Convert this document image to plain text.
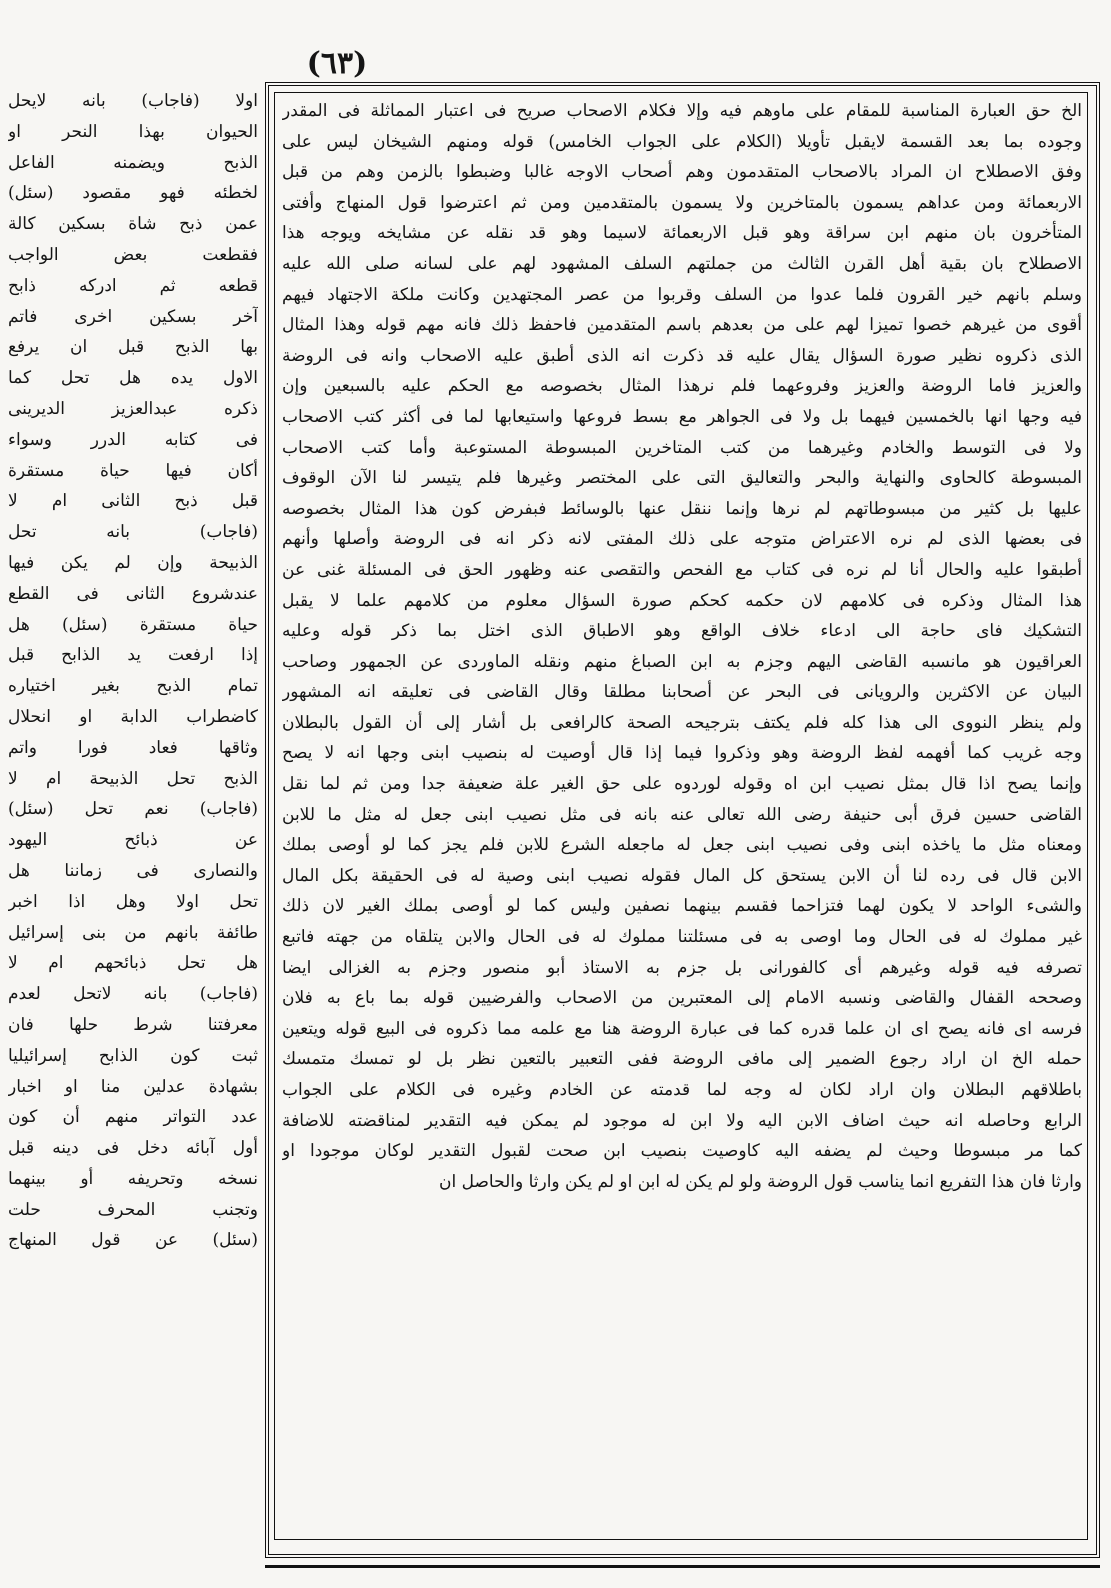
(٦٣)
الخ حق العبارة المناسبة للمقام على ماوهم فيه وإلا فكلام الاصحاب صريح فى اعتبار المماثلة فى المقدر
وجوده بما بعد القسمة لايقبل تأويلا (الكلام على الجواب الخامس) قوله ومنهم الشيخان ليس على
وفق الاصطلاح ان المراد بالاصحاب المتقدمون وهم أصحاب الاوجه غالبا وضبطوا بالزمن وهم من قبل
الاربعمائة ومن عداهم يسمون بالمتاخرين ولا يسمون بالمتقدمين ومن ثم اعترضوا قول المنهاج وأفتى
المتأخرون بان منهم ابن سراقة وهو قبل الاربعمائة لاسيما وهو قد نقله عن مشايخه ويوجه هذا
الاصطلاح بان بقية أهل القرن الثالث من جملتهم السلف المشهود لهم على لسانه صلى الله عليه
وسلم بانهم خير القرون فلما عدوا من السلف وقربوا من عصر المجتهدين وكانت ملكة الاجتهاد فيهم
أقوى من غيرهم خصوا تميزا لهم على من بعدهم باسم المتقدمين فاحفظ ذلك فانه مهم قوله وهذا المثال
الذى ذكروه نظير صورة السؤال يقال عليه قد ذكرت انه الذى أطبق عليه الاصحاب وانه فى الروضة
والعزيز فاما الروضة والعزيز وفروعهما فلم نرهذا المثال بخصوصه مع الحكم عليه بالسبعين وإن
فيه وجها انها بالخمسين فيهما بل ولا فى الجواهر مع بسط فروعها واستيعابها لما فى أكثر كتب الاصحاب
ولا فى التوسط والخادم وغيرهما من كتب المتاخرين المبسوطة المستوعبة وأما كتب الاصحاب
المبسوطة كالحاوى والنهاية والبحر والتعاليق التى على المختصر وغيرها فلم يتيسر لنا الآن الوقوف
عليها بل كثير من مبسوطاتهم لم نرها وإنما ننقل عنها بالوسائط فبفرض كون هذا المثال بخصوصه
فى بعضها الذى لم نره الاعتراض متوجه على ذلك المفتى لانه ذكر انه فى الروضة وأصلها وأنهم
أطبقوا عليه والحال أنا لم نره فى كتاب مع الفحص والتقصى عنه وظهور الحق فى المسئلة غنى عن
هذا المثال وذكره فى كلامهم لان حكمه كحكم صورة السؤال معلوم من كلامهم علما لا يقبل
التشكيك فاى حاجة الى ادعاء خلاف الواقع وهو الاطباق الذى اختل بما ذكر قوله وعليه
العراقيون هو مانسبه القاضى اليهم وجزم به ابن الصباغ منهم ونقله الماوردى عن الجمهور وصاحب
البيان عن الاكثرين والرويانى فى البحر عن أصحابنا مطلقا وقال القاضى فى تعليقه انه المشهور
ولم ينظر النووى الى هذا كله فلم يكتف بترجيحه الصحة كالرافعى بل أشار إلى أن القول بالبطلان
وجه غريب كما أفهمه لفظ الروضة وهو وذكروا فيما إذا قال أوصيت له بنصيب ابنى وجها انه لا يصح
وإنما يصح اذا قال بمثل نصيب ابن اه وقوله لوردوه على حق الغير علة ضعيفة جدا ومن ثم لما نقل
القاضى حسين فرق أبى حنيفة رضى الله تعالى عنه بانه فى مثل نصيب ابنى جعل له مثل ما للابن
ومعناه مثل ما ياخذه ابنى وفى نصيب ابنى جعل له ماجعله الشرع للابن فلم يجز كما لو أوصى بملك
الابن قال فى رده لنا أن الابن يستحق كل المال فقوله نصيب ابنى وصية له فى الحقيقة بكل المال
والشىء الواحد لا يكون لهما فتزاحما فقسم بينهما نصفين وليس كما لو أوصى بملك الغير لان ذلك
غير مملوك له فى الحال وما اوصى به فى مسئلتنا مملوك له فى الحال والابن يتلقاه من جهته فاتبع
تصرفه فيه قوله وغيرهم أى كالفورانى بل جزم به الاستاذ أبو منصور وجزم به الغزالى ايضا
وصححه القفال والقاضى ونسبه الامام إلى المعتبرين من الاصحاب والفرضيين قوله بما باع به فلان
فرسه اى فانه يصح اى ان علما قدره كما فى عبارة الروضة هنا مع علمه مما ذكروه فى البيع قوله ويتعين
حمله الخ ان اراد رجوع الضمير إلى مافى الروضة ففى التعبير بالتعين نظر بل لو تمسك متمسك
باطلاقهم البطلان وان اراد لكان له وجه لما قدمته عن الخادم وغيره فى الكلام على الجواب
الرابع وحاصله انه حيث اضاف الابن اليه ولا ابن له موجود لم يمكن فيه التقدير لمناقضته للاضافة
كما مر مبسوطا وحيث لم يضفه اليه كاوصيت بنصيب ابن صحت لقبول التقدير لوكان موجودا او
وارثا فان هذا التفريع انما يناسب قول الروضة ولو لم يكن له ابن او لم يكن وارثا والحاصل ان
اولا (فاجاب) بانه لايحل
الحيوان بهذا النحر او
الذبح ويضمنه الفاعل
لخطئه فهو مقصود (سئل)
عمن ذبح شاة بسكين كالة
فقطعت بعض الواجب
قطعه ثم ادركه ذابح
آخر بسكين اخرى فاتم
بها الذبح قبل ان يرفع
الاول يده هل تحل كما
ذكره عبدالعزيز الديرينى
فى كتابه الدرر وسواء
أكان فيها حياة مستقرة
قبل ذبح الثانى ام لا
(فاجاب) بانه تحل
الذبيحة وإن لم يكن فيها
عندشروع الثانى فى القطع
حياة مستقرة (سئل) هل
إذا ارفعت يد الذابح قبل
تمام الذبح بغير اختياره
كاضطراب الدابة او انحلال
وثاقها فعاد فورا واتم
الذبح تحل الذبيحة ام لا
(فاجاب) نعم تحل (سئل)
عن ذبائح اليهود
والنصارى فى زماننا هل
تحل اولا وهل اذا اخبر
طائفة بانهم من بنى إسرائيل
هل تحل ذبائحهم ام لا
(فاجاب) بانه لاتحل لعدم
معرفتنا شرط حلها فان
ثبت كون الذابح إسرائيليا
بشهادة عدلين منا او اخبار
عدد التواتر منهم أن كون
أول آبائه دخل فى دينه قبل
نسخه وتحريفه أو بينهما
وتجنب المحرف حلت
(سئل) عن قول المنهاج
